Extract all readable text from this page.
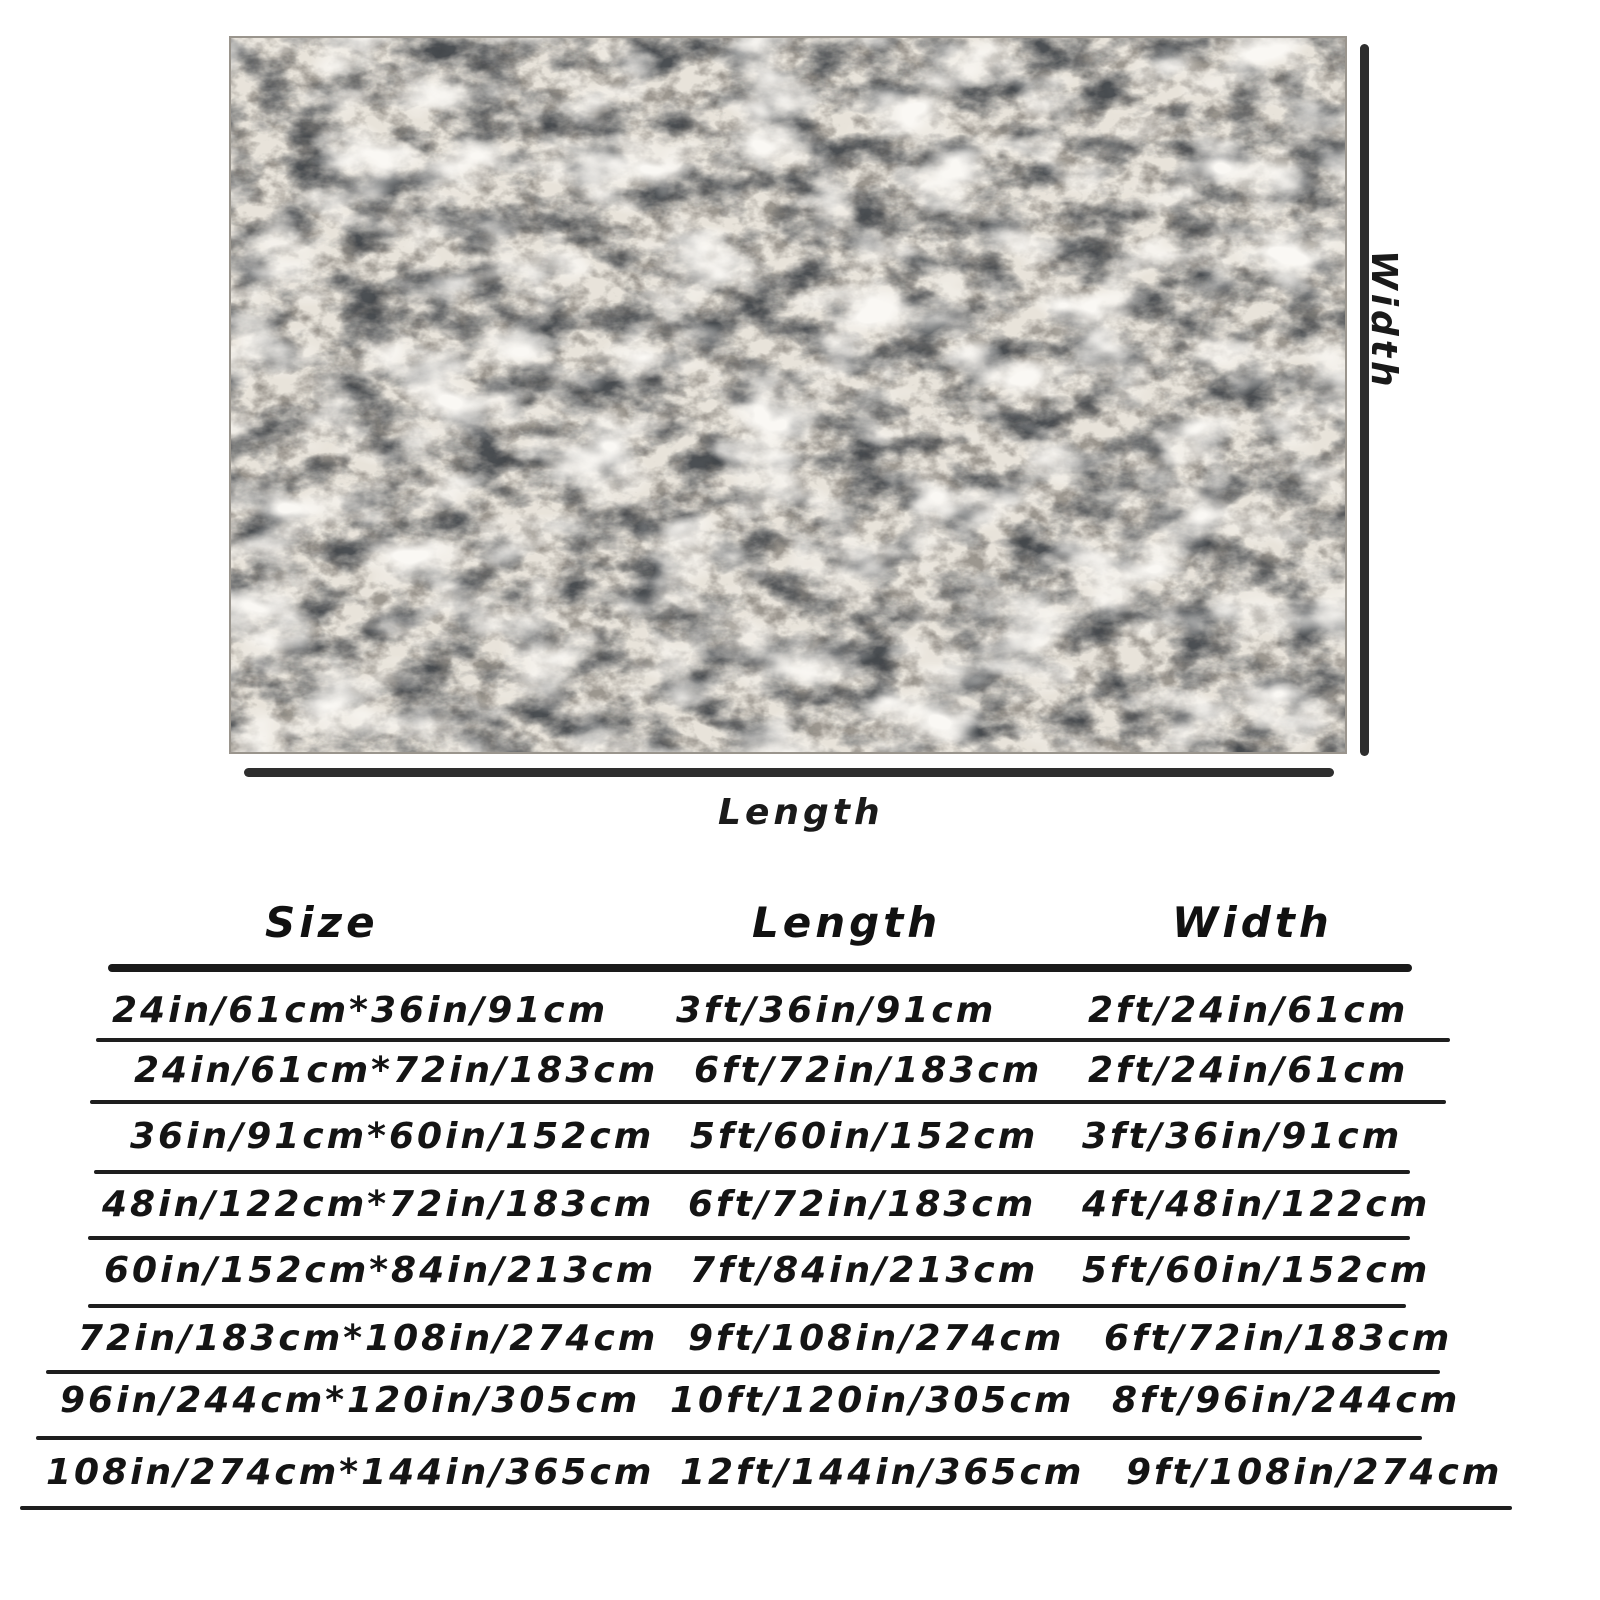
Length
Width
Size	Length	Width
24in/61cm*36in/91cm 3ft/36in/91cm	2ft/24in/61cm
24in/61cm*72in/183cm 6ft/72in/183cm 2ft/24in/61cm
36in/91cm*60in/152cm 5ft/60in/152cm 3ft/36in/91cm
48in/122cm*72in/183cm 6ft/72in/183cm 4ft/48in/122cm
60in/152cm*84in/213cm 7ft/84in/213cm 5ft/60in/152cm
72in/183cm*108in/274cm 9ft/108in/274cm 6ft/72in/183cm
96in/244cm*120in/305cm 10ft/120in/305cm 8ft/96in/244cm
108in/274cm*144in/365cm 12ft/144in/365cm 9ft/108in/274cm
